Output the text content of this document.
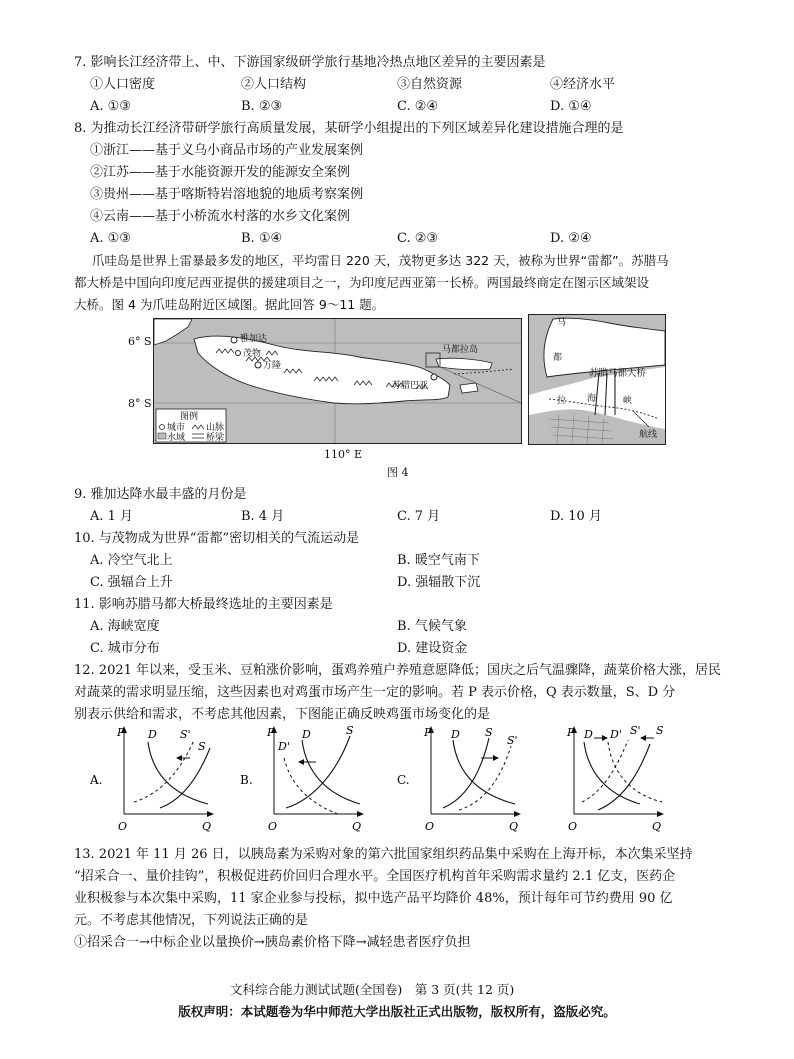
7. 影响长江经济带上、中、下游国家级研学旅行基地冷热点地区差异的主要因素是
①人口密度	②人口结构	③自然资源	④经济水平
A. ①③	B. ②③	C. ②④	D. ①④
8. 为推动长江经济带研学旅行高质量发展，某研学小组提出的下列区域差异化建设措施合理的是
①浙江——基于义乌小商品市场的产业发展案例
②江苏——基于水能资源开发的能源安全案例
③贵州——基于喀斯特岩溶地貌的地质考察案例
④云南——基于小桥流水村落的水乡文化案例
A. ①③	B. ①④	C. ②③	D. ②④
爪哇岛是世界上雷暴最多发的地区，平均雷日 220 天，茂物更多达 322 天，被称为世界“雷都”。苏腊马
都大桥是中国向印度尼西亚提供的援建项目之一，为印度尼西亚第一长桥。两国最终商定在图示区域架设
大桥。图 4 为爪哇岛附近区域图。据此回答 9～11 题。
6° S
8° S
110° E
雅加达
茂物
万隆
马都拉岛
苏腊巴亚
图例
城市 山脉
水域 桥梁
马
都
拉 海	峡
苏腊马都大桥
航线
图 4
9. 雅加达降水最丰盛的月份是
A. 1 月	B. 4 月	C. 7 月	D. 10 月
10. 与茂物成为世界“雷都”密切相关的气流运动是
A. 冷空气北上	B. 暖空气南下
C. 强辐合上升	D. 强辐散下沉
11. 影响苏腊马都大桥最终选址的主要因素是
A. 海峡宽度	B. 气候气象
C. 城市分布	D. 建设资金
12. 2021 年以来，受玉米、豆粕涨价影响，蛋鸡养殖户养殖意愿降低；国庆之后气温骤降，蔬菜价格大涨，居民
对蔬菜的需求明显压缩，这些因素也对鸡蛋市场产生一定的影响。若 P 表示价格，Q 表示数量，S、D 分
别表示供给和需求，不考虑其他因素，下图能正确反映鸡蛋市场变化的是
P D S'
S
A.
O	Q
P	D
D'
S
B.
O	Q
P D S
S'
C.
O	Q
P D D' S' S
O	Q
13. 2021 年 11 月 26 日，以胰岛素为采购对象的第六批国家组织药品集中采购在上海开标，本次集采坚持
“招采合一、量价挂钩”，积极促进药价回归合理水平。全国医疗机构首年采购需求量约 2.1 亿支，医药企
业积极参与本次集中采购，11 家企业参与投标，拟中选产品平均降价 48%，预计每年可节约费用 90 亿
元。不考虑其他情况，下列说法正确的是
①招采合一→中标企业以量换价→胰岛素价格下降→减轻患者医疗负担
文科综合能力测试试题(全国卷)　第 3 页(共 12 页)
版权声明：本试题卷为华中师范大学出版社正式出版物，版权所有，盗版必究。
